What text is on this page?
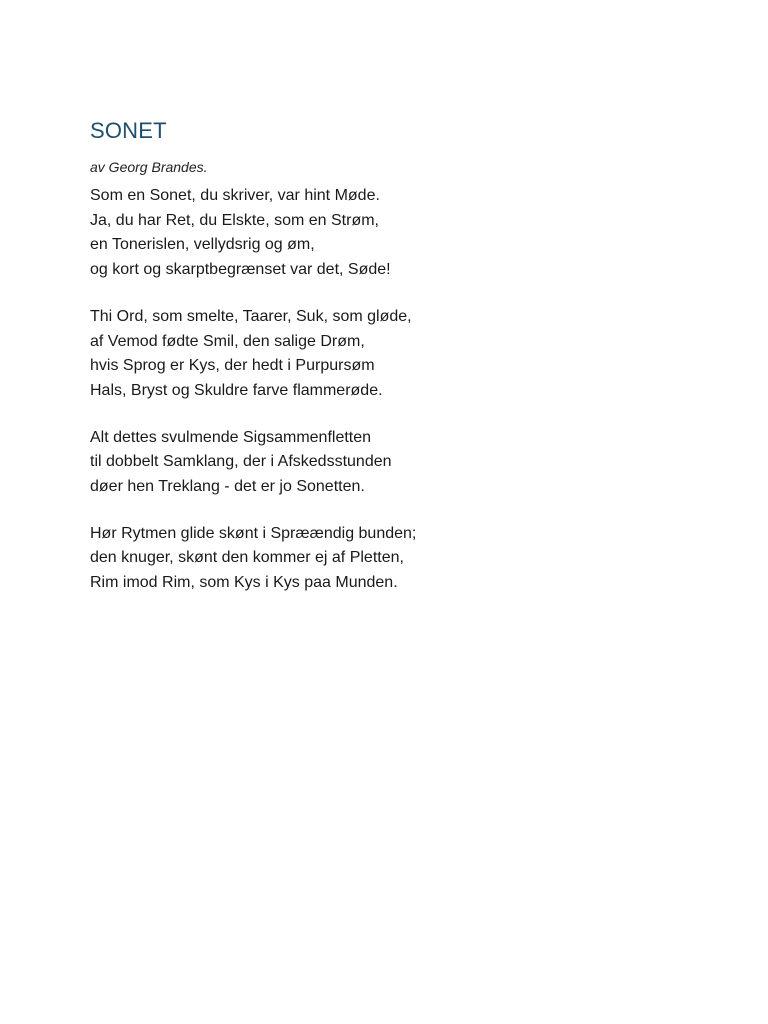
SONET
av Georg Brandes.
Som en Sonet, du skriver, var hint Møde.
Ja, du har Ret, du Elskte, som en Strøm,
en Tonerislen, vellydsrig og øm,
og kort og skarptbegrænset var det, Søde!
Thi Ord, som smelte, Taarer, Suk, som gløde,
af Vemod fødte Smil, den salige Drøm,
hvis Sprog er Kys, der hedt i Purpursøm
Hals, Bryst og Skuldre farve flammerøde.
Alt dettes svulmende Sigsammenfletten
til dobbelt Samklang, der i Afskedsstunden
døer hen Treklang - det er jo Sonetten.
Hør Rytmen glide skønt i Spræændig bunden;
den knuger, skønt den kommer ej af Pletten,
Rim imod Rim, som Kys i Kys paa Munden.
